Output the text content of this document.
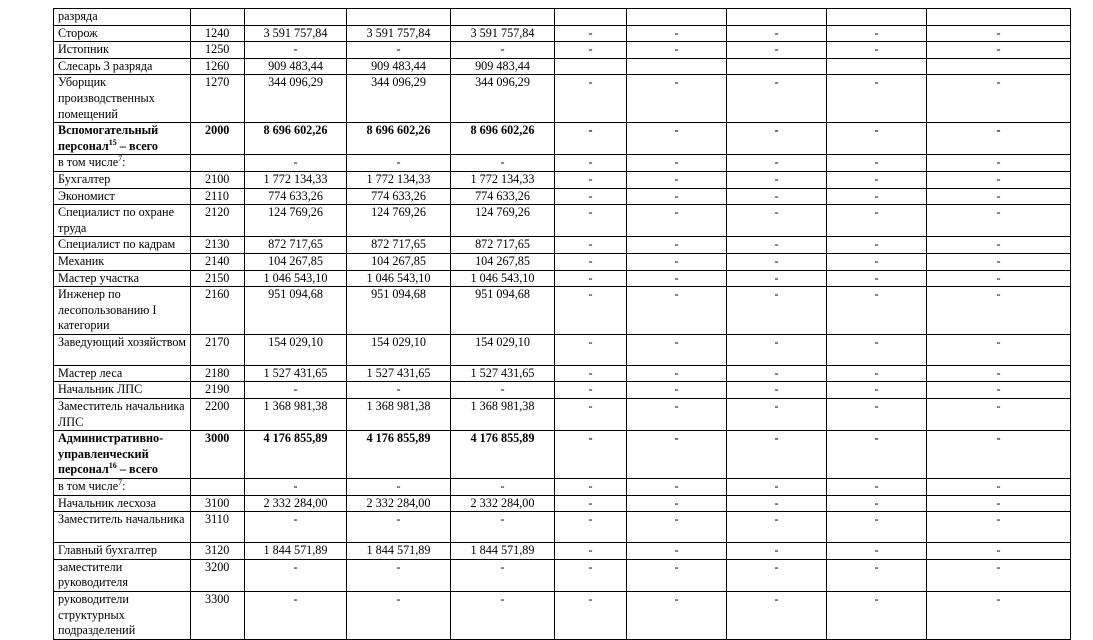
разряда									
Сторож	1240	3 591 757,84	3 591 757,84	3 591 757,84	-	-	-	-	-
Истопник	1250	-	-	-	-	-	-	-	-
Слесарь 3 разряда	1260	909 483,44	909 483,44	909 483,44					
Уборщик производственных помещений	1270	344 096,29	344 096,29	344 096,29	-	-	-	-	-
Вспомогательный персонал$^{15}$ – всего	2000	8 696 602,26	8 696 602,26	8 696 602,26	-	-	-	-	-
в том числе$^7$:		-	-	-	-	-	-	-	-
Бухгалтер	2100	1 772 134,33	1 772 134,33	1 772 134,33	-	-	-	-	-
Экономист	2110	774 633,26	774 633,26	774 633,26	-	-	-	-	-
Специалист по охране труда	2120	124 769,26	124 769,26	124 769,26	-	-	-	-	-
Специалист по кадрам	2130	872 717,65	872 717,65	872 717,65	-	-	-	-	-
Механик	2140	104 267,85	104 267,85	104 267,85	-	-	-	-	-
Мастер участка	2150	1 046 543,10	1 046 543,10	1 046 543,10	-	-	-	-	-
Инженер по лесопользованию I категории	2160	951 094,68	951 094,68	951 094,68	-	-	-	-	-
Заведующий хозяйством	2170	154 029,10	154 029,10	154 029,10	-	-	-	-	-
Мастер леса	2180	1 527 431,65	1 527 431,65	1 527 431,65	-	-	-	-	-
Начальник ЛПС	2190	-	-	-	-	-	-	-	-
Заместитель начальника ЛПС	2200	1 368 981,38	1 368 981,38	1 368 981,38	-	-	-	-	-
Административно-управленческий персонал$^{16}$ – всего	3000	4 176 855,89	4 176 855,89	4 176 855,89	-	-	-	-	-
в том числе$^7$:		-	-	-	-	-	-	-	-
Начальник лесхоза	3100	2 332 284,00	2 332 284,00	2 332 284,00	-	-	-	-	-
Заместитель начальника	3110	-	-	-	-	-	-	-	-
Главный бухгалтер	3120	1 844 571,89	1 844 571,89	1 844 571,89	-	-	-	-	-
заместители руководителя	3200	-	-	-	-	-	-	-	-
руководители структурных подразделений	3300	-	-	-	-	-	-	-	-
